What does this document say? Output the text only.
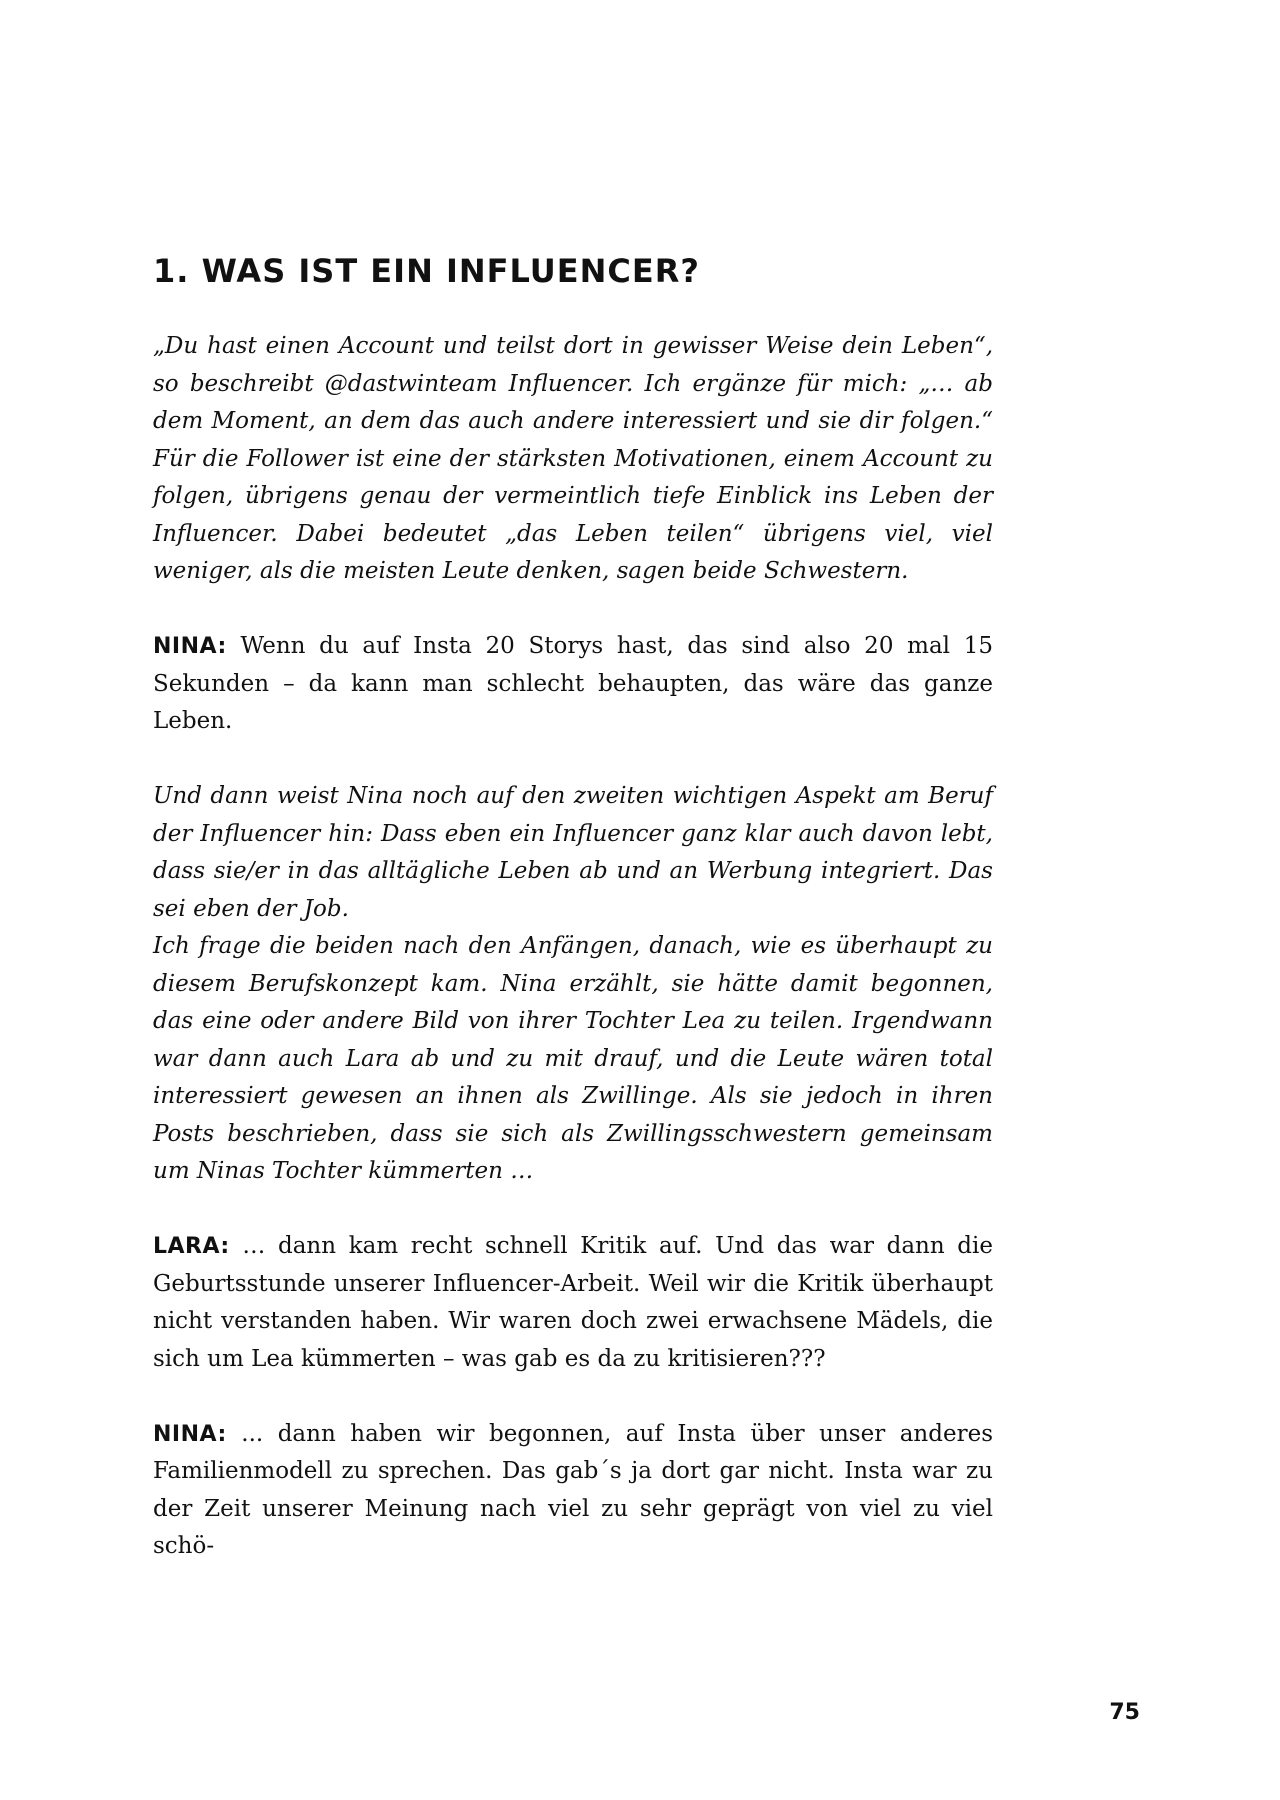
1. WAS IST EIN INFLUENCER?

„Du hast einen Account und teilst dort in gewisser Weise dein Leben“, so beschreibt @dastwinteam Influencer. Ich ergänze für mich: „… ab dem Moment, an dem das auch andere interessiert und sie dir folgen.“ Für die Follower ist eine der stärksten Motivationen, einem Account zu folgen, übrigens genau der vermeintlich tiefe Einblick ins Leben der Influencer. Dabei bedeutet „das Leben teilen“ übrigens viel, viel weniger, als die meisten Leute denken, sagen beide Schwestern.

NINA: Wenn du auf Insta 20 Storys hast, das sind also 20 mal 15 Sekunden – da kann man schlecht behaupten, das wäre das ganze Leben.

Und dann weist Nina noch auf den zweiten wichtigen Aspekt am Beruf der Influencer hin: Dass eben ein Influencer ganz klar auch davon lebt, dass sie/er in das alltägliche Leben ab und an Werbung integriert. Das sei eben der Job.

Ich frage die beiden nach den Anfängen, danach, wie es überhaupt zu diesem Berufskonzept kam. Nina erzählt, sie hätte damit begonnen, das eine oder andere Bild von ihrer Tochter Lea zu teilen. Irgendwann war dann auch Lara ab und zu mit drauf, und die Leute wären total interessiert gewesen an ihnen als Zwillinge. Als sie jedoch in ihren Posts beschrieben, dass sie sich als Zwillingsschwestern gemeinsam um Ninas Tochter kümmerten …

LARA: … dann kam recht schnell Kritik auf. Und das war dann die Geburtsstunde unserer Influencer-Arbeit. Weil wir die Kritik überhaupt nicht verstanden haben. Wir waren doch zwei erwachsene Mädels, die sich um Lea kümmerten – was gab es da zu kritisieren???

NINA: ... dann haben wir begonnen, auf Insta über unser anderes Familienmodell zu sprechen. Das gab´s ja dort gar nicht. Insta war zu der Zeit unserer Meinung nach viel zu sehr geprägt von viel zu viel schö-

75
